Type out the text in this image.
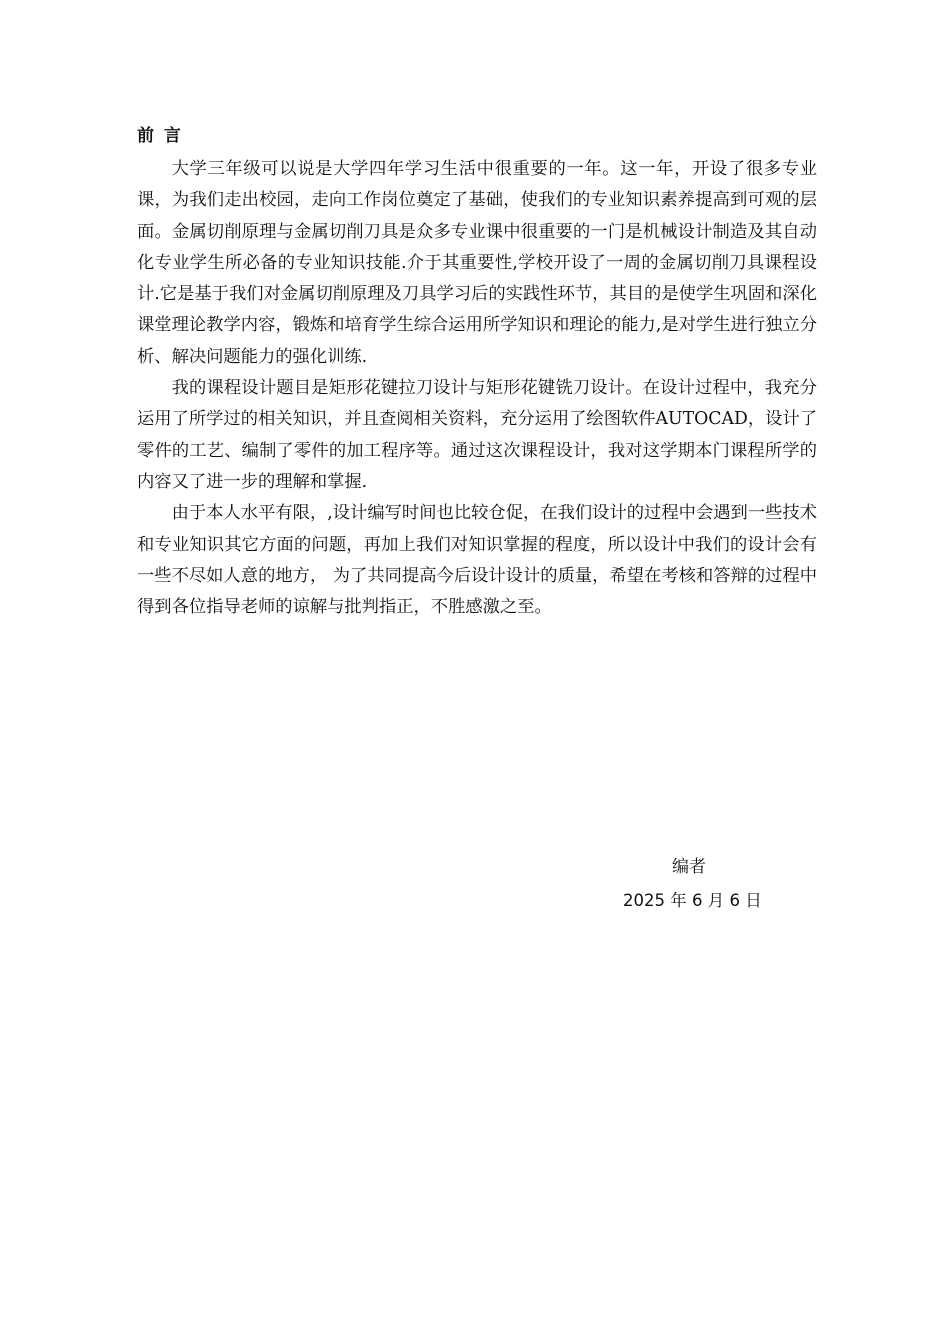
前 言

大学三年级可以说是大学四年学习生活中很重要的一年。这一年，开设了很多专业课，为我们走出校园，走向工作岗位奠定了基础，使我们的专业知识素养提高到可观的层面。金属切削原理与金属切削刀具是众多专业课中很重要的一门是机械设计制造及其自动化专业学生所必备的专业知识技能.介于其重要性,学校开设了一周的金属切削刀具课程设计.它是基于我们对金属切削原理及刀具学习后的实践性环节，其目的是使学生巩固和深化课堂理论教学内容，锻炼和培育学生综合运用所学知识和理论的能力,是对学生进行独立分析、解决问题能力的强化训练.

我的课程设计题目是矩形花键拉刀设计与矩形花键铣刀设计。在设计过程中，我充分运用了所学过的相关知识，并且查阅相关资料，充分运用了绘图软件AUTOCAD，设计了零件的工艺、编制了零件的加工程序等。通过这次课程设计，我对这学期本门课程所学的内容又了进一步的理解和掌握.

由于本人水平有限，,设计编写时间也比较仓促，在我们设计的过程中会遇到一些技术和专业知识其它方面的问题，再加上我们对知识掌握的程度，所以设计中我们的设计会有一些不尽如人意的地方， 为了共同提高今后设计设计的质量，希望在考核和答辩的过程中得到各位指导老师的谅解与批判指正，不胜感激之至。

编者
2025 年 6 月 6 日
